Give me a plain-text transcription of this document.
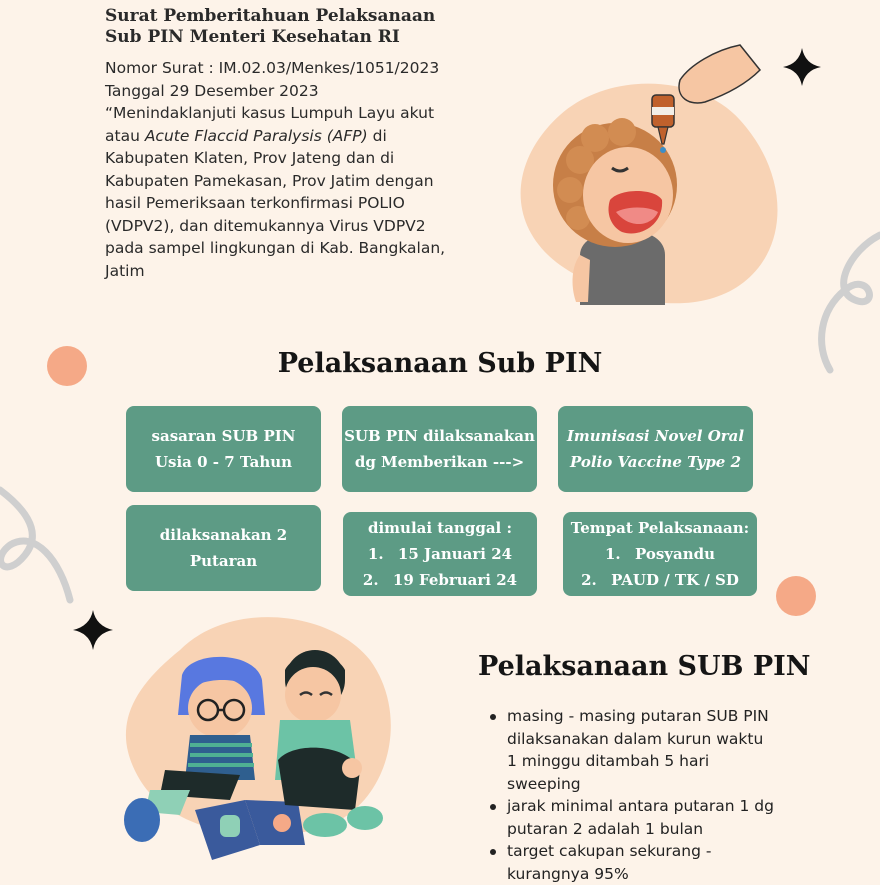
Surat Pemberitahuan Pelaksanaan
Sub PIN Menteri Kesehatan RI
Nomor Surat : IM.02.03/Menkes/1051/2023
Tanggal 29 Desember 2023
“Menindaklanjuti kasus Lumpuh Layu akut
atau Acute Flaccid Paralysis (AFP) di
Kabupaten Klaten, Prov Jateng dan di
Kabupaten Pamekasan, Prov Jatim dengan
hasil Pemeriksaan terkonfirmasi POLIO
(VDPV2), dan ditemukannya Virus VDPV2
pada sampel lingkungan di Kab. Bangkalan,
Jatim
Pelaksanaan Sub PIN
sasaran SUB PIN
Usia 0 - 7 Tahun
SUB PIN dilaksanakan
dg Memberikan --->
Imunisasi Novel Oral
Polio Vaccine Type 2
dilaksanakan 2
Putaran
dimulai tanggal :
1. 15 Januari 24
2. 19 Februari 24
Tempat Pelaksanaan:
1. Posyandu
2. PAUD / TK / SD
Pelaksanaan SUB PIN
masing - masing putaran SUB PIN
dilaksanakan dalam kurun waktu
1 minggu ditambah 5 hari
sweeping
jarak minimal antara putaran 1 dg
putaran 2 adalah 1 bulan
target cakupan sekurang -
kurangnya 95%
